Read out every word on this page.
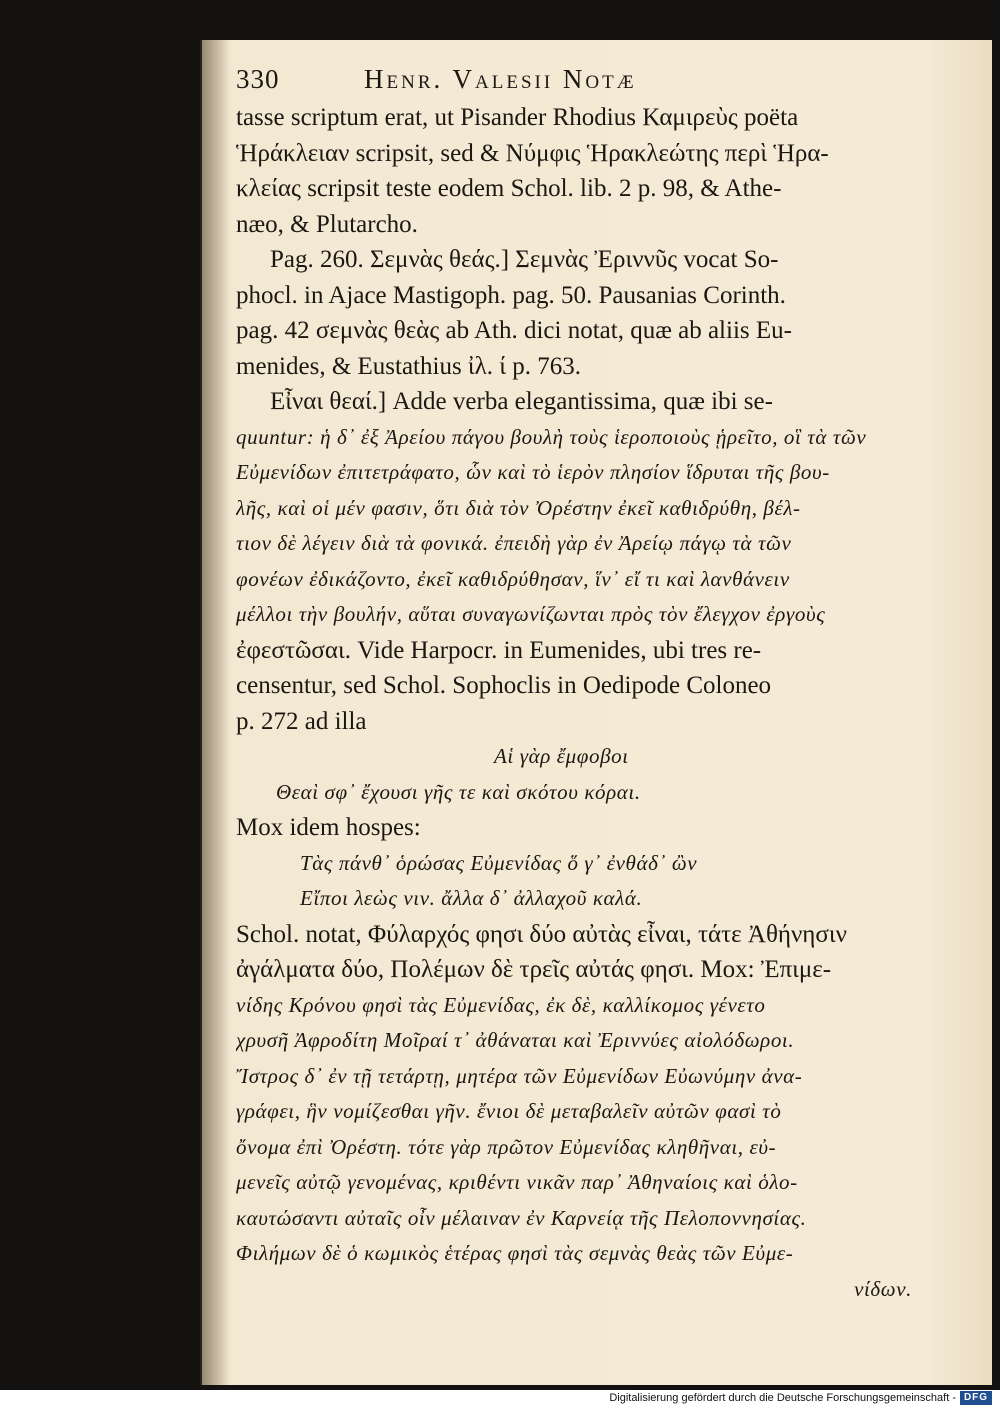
330	Henr. Valesii Notæ
tasse scriptum erat, ut Pisander Rhodius Καμιρεὺς poëta
Ἡράκλειαν scripsit, sed & Νύμφις Ἡρακλεώτης περὶ Ἡρα-
κλείας scripsit teste eodem Schol. lib. 2 p. 98, & Athe-
næo, & Plutarcho.
Pag. 260. Σεμνὰς θεάς.] Σεμνὰς Ἐριννῦς vocat So-
phocl. in Ajace Mastigoph. pag. 50. Pausanias Corinth.
pag. 42 σεμνὰς θεὰς ab Ath. dici notat, quæ ab aliis Eu-
menides, & Eustathius ἰλ. ί p. 763.
Εἶναι θεαί.] Adde verba elegantissima, quæ ibi se-
quuntur: ἡ δ᾽ ἐξ Ἀρείου πάγου βουλὴ τοὺς ἱεροποιοὺς ᾑρεῖτο, οἳ τὰ τῶν
Εὐμενίδων ἐπιτετράφατο, ὧν καὶ τὸ ἱερὸν πλησίον ἵδρυται τῆς βου-
λῆς, καὶ οἱ μέν φασιν, ὅτι διὰ τὸν Ὀρέστην ἐκεῖ καθιδρύθη, βέλ-
τιον δὲ λέγειν διὰ τὰ φονικά. ἐπειδὴ γὰρ ἐν Ἀρείῳ πάγῳ τὰ τῶν
φονέων ἐδικάζοντο, ἐκεῖ καθιδρύθησαν, ἵν᾽ εἴ τι καὶ λανθάνειν
μέλλοι τὴν βουλήν, αὕται συναγωνίζωνται πρὸς τὸν ἔλεγχον ἐργοὺς
ἐφεστῶσαι. Vide Harpocr. in Eumenides, ubi tres re-
censentur, sed Schol. Sophoclis in Oedipode Coloneo
p. 272 ad illa
Αἱ γὰρ ἔμφοβοι
Θεαὶ σφ᾽ ἔχουσι γῆς τε καὶ σκότου κόραι.
Mox idem hospes:
Τὰς πάνθ᾽ ὁρώσας Εὐμενίδας ὅ γ᾽ ἐνθάδ᾽ ὢν
Εἴποι λεὼς νιν. ἄλλα δ᾽ ἀλλαχοῦ καλά.
Schol. notat, Φύλαρχός φησι δύο αὐτὰς εἶναι, τάτε Ἀθήνησιν
ἀγάλματα δύο, Πολέμων δὲ τρεῖς αὐτάς φησι. Mox: Ἐπιμε-
νίδης Κρόνου φησὶ τὰς Εὐμενίδας, ἐκ δὲ, καλλίκομος γένετο
χρυσῆ Ἀφροδίτη Μοῖραί τ᾽ ἀθάναται καὶ Ἐριννύες αἰολόδωροι.
Ἴστρος δ᾽ ἐν τῇ τετάρτῃ, μητέρα τῶν Εὐμενίδων Εὐωνύμην ἀνα-
γράφει, ἣν νομίζεσθαι γῆν. ἔνιοι δὲ μεταβαλεῖν αὐτῶν φασὶ τὸ
ὄνομα ἐπὶ Ὀρέστη. τότε γὰρ πρῶτον Εὐμενίδας κληθῆναι, εὐ-
μενεῖς αὐτῷ γενομένας, κριθέντι νικᾶν παρ᾽ Ἀθηναίοις καὶ ὁλο-
καυτώσαντι αὐταῖς οἶν μέλαιναν ἐν Καρνείᾳ τῆς Πελοποννησίας.
Φιλήμων δὲ ὁ κωμικὸς ἑτέρας φησὶ τὰς σεμνὰς θεὰς τῶν Εὐμε-
νίδων.
Digitalisierung gefördert durch die Deutsche Forschungsgemeinschaft - DFG
